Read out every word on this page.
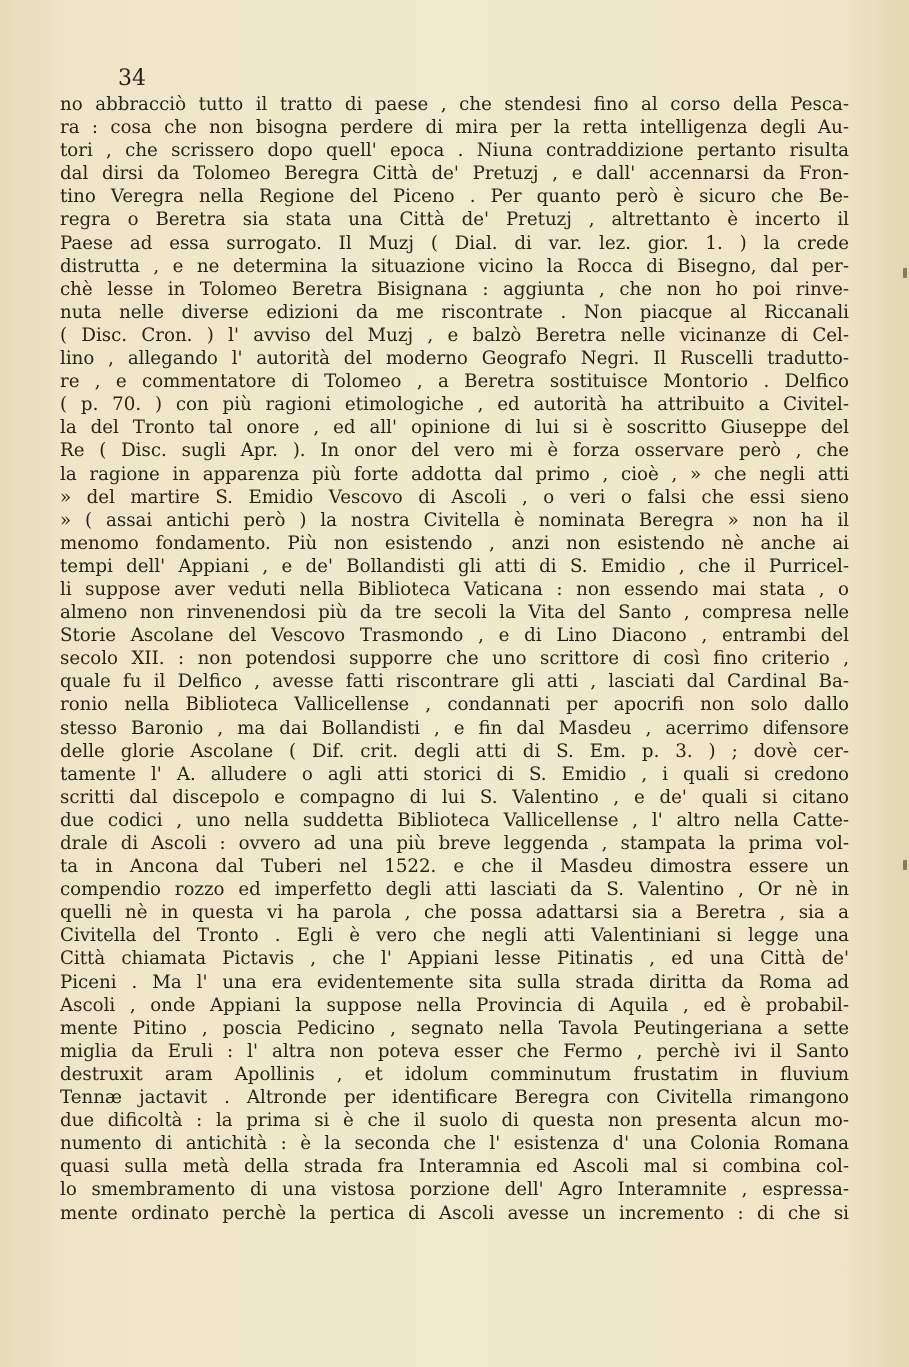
34
no abbracciò tutto il tratto di paese , che stendesi fino al corso della Pesca-
ra : cosa che non bisogna perdere di mira per la retta intelligenza degli Au-
tori , che scrissero dopo quell' epoca . Niuna contraddizione pertanto risulta
dal dirsi da Tolomeo Beregra Città de' Pretuzj , e dall' accennarsi da Fron-
tino Veregra nella Regione del Piceno . Per quanto però è sicuro che Be-
regra o Beretra sia stata una Città de' Pretuzj , altrettanto è incerto il
Paese ad essa surrogato. Il Muzj ( Dial. di var. lez. gior. 1. ) la crede
distrutta , e ne determina la situazione vicino la Rocca di Bisegno, dal per-
chè lesse in Tolomeo Beretra Bisignana : aggiunta , che non ho poi rinve-
nuta nelle diverse edizioni da me riscontrate . Non piacque al Riccanali
( Disc. Cron. ) l' avviso del Muzj , e balzò Beretra nelle vicinanze di Cel-
lino , allegando l' autorità del moderno Geografo Negri. Il Ruscelli tradutto-
re , e commentatore di Tolomeo , a Beretra sostituisce Montorio . Delfico
( p. 70. ) con più ragioni etimologiche , ed autorità ha attribuito a Civitel-
la del Tronto tal onore , ed all' opinione di lui si è soscritto Giuseppe del
Re ( Disc. sugli Apr. ). In onor del vero mi è forza osservare però , che
la ragione in apparenza più forte addotta dal primo , cioè , » che negli atti
» del martire S. Emidio Vescovo di Ascoli , o veri o falsi che essi sieno
» ( assai antichi però ) la nostra Civitella è nominata Beregra » non ha il
menomo fondamento. Più non esistendo , anzi non esistendo nè anche ai
tempi dell' Appiani , e de' Bollandisti gli atti di S. Emidio , che il Purricel-
li suppose aver veduti nella Biblioteca Vaticana : non essendo mai stata , o
almeno non rinvenendosi più da tre secoli la Vita del Santo , compresa nelle
Storie Ascolane del Vescovo Trasmondo , e di Lino Diacono , entrambi del
secolo XII. : non potendosi supporre che uno scrittore di così fino criterio ,
quale fu il Delfico , avesse fatti riscontrare gli atti , lasciati dal Cardinal Ba-
ronio nella Biblioteca Vallicellense , condannati per apocrifi non solo dallo
stesso Baronio , ma dai Bollandisti , e fin dal Masdeu , acerrimo difensore
delle glorie Ascolane ( Dif. crit. degli atti di S. Em. p. 3. ) ; dovè cer-
tamente l' A. alludere o agli atti storici di S. Emidio , i quali si credono
scritti dal discepolo e compagno di lui S. Valentino , e de' quali si citano
due codici , uno nella suddetta Biblioteca Vallicellense , l' altro nella Catte-
drale di Ascoli : ovvero ad una più breve leggenda , stampata la prima vol-
ta in Ancona dal Tuberi nel 1522. e che il Masdeu dimostra essere un
compendio rozzo ed imperfetto degli atti lasciati da S. Valentino , Or nè in
quelli nè in questa vi ha parola , che possa adattarsi sia a Beretra , sia a
Civitella del Tronto . Egli è vero che negli atti Valentiniani si legge una
Città chiamata Pictavis , che l' Appiani lesse Pitinatis , ed una Città de'
Piceni . Ma l' una era evidentemente sita sulla strada diritta da Roma ad
Ascoli , onde Appiani la suppose nella Provincia di Aquila , ed è probabil-
mente Pitino , poscia Pedicino , segnato nella Tavola Peutingeriana a sette
miglia da Eruli : l' altra non poteva esser che Fermo , perchè ivi il Santo
destruxit aram Apollinis , et idolum comminutum frustatim in fluvium
Tennæ jactavit . Altronde per identificare Beregra con Civitella rimangono
due dificoltà : la prima si è che il suolo di questa non presenta alcun mo-
numento di antichità : è la seconda che l' esistenza d' una Colonia Romana
quasi sulla metà della strada fra Interamnia ed Ascoli mal si combina col-
lo smembramento di una vistosa porzione dell' Agro Interamnite , espressa-
mente ordinato perchè la pertica di Ascoli avesse un incremento : di che si
